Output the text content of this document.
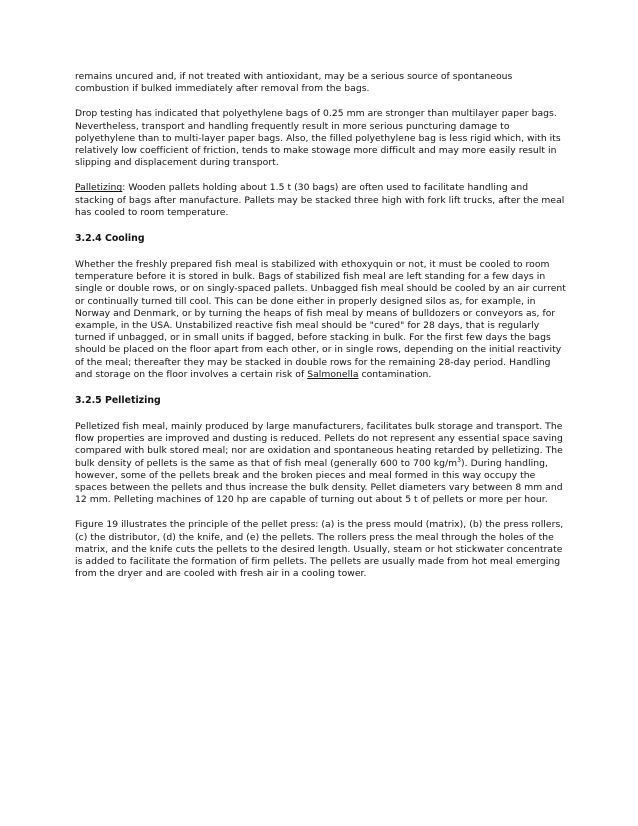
remains uncured and, if not treated with antioxidant, may be a serious source of spontaneous combustion if bulked immediately after removal from the bags.

Drop testing has indicated that polyethylene bags of 0.25 mm are stronger than multilayer paper bags. Nevertheless, transport and handling frequently result in more serious puncturing damage to polyethylene than to multi-layer paper bags. Also, the filled polyethylene bag is less rigid which, with its relatively low coefficient of friction, tends to make stowage more difficult and may more easily result in slipping and displacement during transport.

Palletizing: Wooden pallets holding about 1.5 t (30 bags) are often used to facilitate handling and stacking of bags after manufacture. Pallets may be stacked three high with fork lift trucks, after the meal has cooled to room temperature.

3.2.4 Cooling

Whether the freshly prepared fish meal is stabilized with ethoxyquin or not, it must be cooled to room temperature before it is stored in bulk. Bags of stabilized fish meal are left standing for a few days in single or double rows, or on singly-spaced pallets. Unbagged fish meal should be cooled by an air current or continually turned till cool. This can be done either in properly designed silos as, for example, in Norway and Denmark, or by turning the heaps of fish meal by means of bulldozers or conveyors as, for example, in the USA. Unstabilized reactive fish meal should be "cured" for 28 days, that is regularly turned if unbagged, or in small units if bagged, before stacking in bulk. For the first few days the bags should be placed on the floor apart from each other, or in single rows, depending on the initial reactivity of the meal; thereafter they may be stacked in double rows for the remaining 28-day period. Handling and storage on the floor involves a certain risk of Salmonella contamination.

3.2.5 Pelletizing

Pelletized fish meal, mainly produced by large manufacturers, facilitates bulk storage and transport. The flow properties are improved and dusting is reduced. Pellets do not represent any essential space saving compared with bulk stored meal; nor are oxidation and spontaneous heating retarded by pelletizing. The bulk density of pellets is the same as that of fish meal (generally 600 to 700 $kg/m^3$). During handling, however, some of the pellets break and the broken pieces and meal formed in this way occupy the spaces between the pellets and thus increase the bulk density. Pellet diameters vary between 8 mm and 12 mm. Pelleting machines of 120 hp are capable of turning out about 5 t of pellets or more per hour.

Figure 19 illustrates the principle of the pellet press: (a) is the press mould (matrix), (b) the press rollers, (c) the distributor, (d) the knife, and (e) the pellets. The rollers press the meal through the holes of the matrix, and the knife cuts the pellets to the desired length. Usually, steam or hot stickwater concentrate is added to facilitate the formation of firm pellets. The pellets are usually made from hot meal emerging from the dryer and are cooled with fresh air in a cooling tower.
